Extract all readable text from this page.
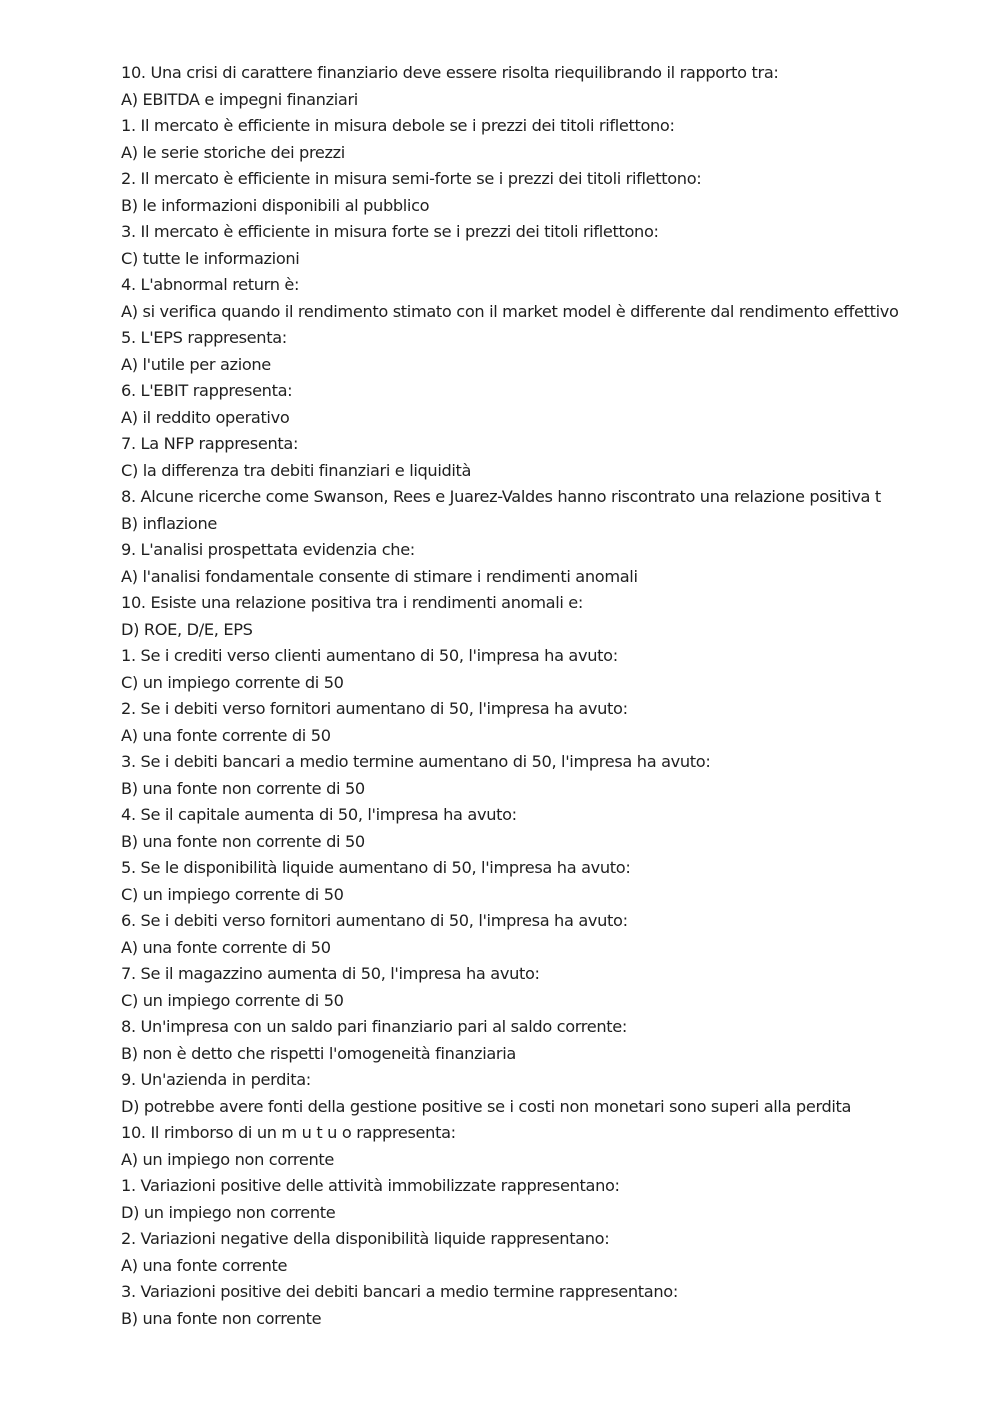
10. Una crisi di carattere finanziario deve essere risolta riequilibrando il rapporto tra:
A) EBITDA e impegni finanziari
1. Il mercato è efficiente in misura debole se i prezzi dei titoli riflettono:
A) le serie storiche dei prezzi
2. Il mercato è efficiente in misura semi-forte se i prezzi dei titoli riflettono:
B) le informazioni disponibili al pubblico
3. Il mercato è efficiente in misura forte se i prezzi dei titoli riflettono:
C) tutte le informazioni
4. L'abnormal return è:
A) si verifica quando il rendimento stimato con il market model è differente dal rendimento effettivo
5. L'EPS rappresenta:
A) l'utile per azione
6. L'EBIT rappresenta:
A) il reddito operativo
7. La NFP rappresenta:
C) la differenza tra debiti finanziari e liquidità
8. Alcune ricerche come Swanson, Rees e Juarez-Valdes hanno riscontrato una relazione positiva t
B) inflazione
9. L'analisi prospettata evidenzia che:
A) l'analisi fondamentale consente di stimare i rendimenti anomali
10. Esiste una relazione positiva tra i rendimenti anomali e:
D) ROE, D/E, EPS
1. Se i crediti verso clienti aumentano di 50, l'impresa ha avuto:
C) un impiego corrente di 50
2. Se i debiti verso fornitori aumentano di 50, l'impresa ha avuto:
A) una fonte corrente di 50
3. Se i debiti bancari a medio termine aumentano di 50, l'impresa ha avuto:
B) una fonte non corrente di 50
4. Se il capitale aumenta di 50, l'impresa ha avuto:
B) una fonte non corrente di 50
5. Se le disponibilità liquide aumentano di 50, l'impresa ha avuto:
C) un impiego corrente di 50
6. Se i debiti verso fornitori aumentano di 50, l'impresa ha avuto:
A) una fonte corrente di 50
7. Se il magazzino aumenta di 50, l'impresa ha avuto:
C) un impiego corrente di 50
8. Un'impresa con un saldo pari finanziario pari al saldo corrente:
B) non è detto che rispetti l'omogeneità finanziaria
9. Un'azienda in perdita:
D) potrebbe avere fonti della gestione positive se i costi non monetari sono superi alla perdita
10. Il rimborso di un m u t u o rappresenta:
A) un impiego non corrente
1. Variazioni positive delle attività immobilizzate rappresentano:
D) un impiego non corrente
2. Variazioni negative della disponibilità liquide rappresentano:
A) una fonte corrente
3. Variazioni positive dei debiti bancari a medio termine rappresentano:
B) una fonte non corrente
